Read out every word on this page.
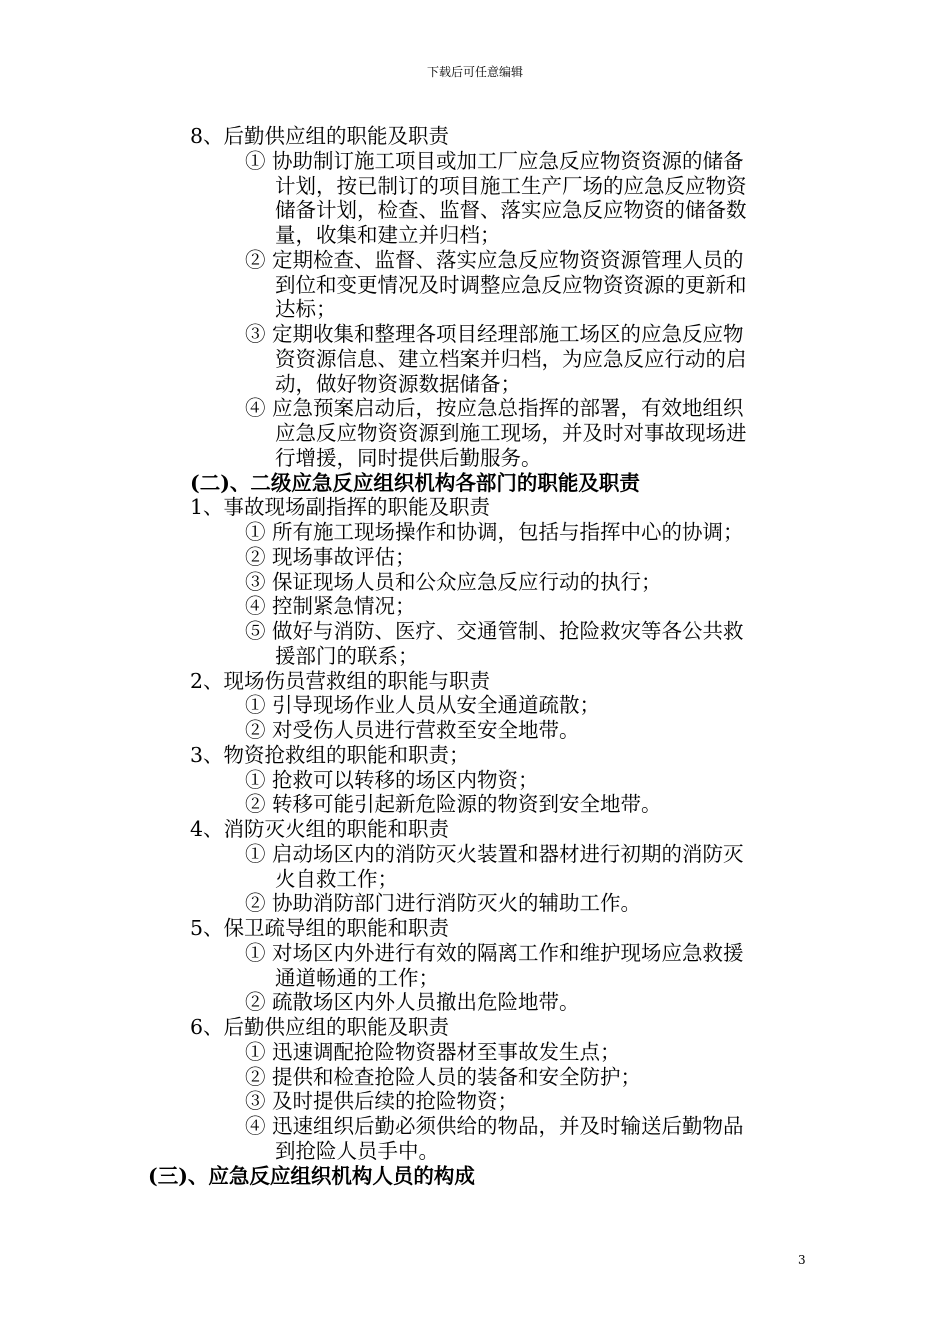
下载后可任意编辑
8、后勤供应组的职能及职责
① 协助制订施工项目或加工厂应急反应物资资源的储备
计划，按已制订的项目施工生产厂场的应急反应物资
储备计划，检查、监督、落实应急反应物资的储备数
量，收集和建立并归档；
② 定期检查、监督、落实应急反应物资资源管理人员的
到位和变更情况及时调整应急反应物资资源的更新和
达标；
③ 定期收集和整理各项目经理部施工场区的应急反应物
资资源信息、建立档案并归档，为应急反应行动的启
动，做好物资源数据储备；
④ 应急预案启动后，按应急总指挥的部署，有效地组织
应急反应物资资源到施工现场，并及时对事故现场进
行增援，同时提供后勤服务。
(二)、二级应急反应组织机构各部门的职能及职责
1、事故现场副指挥的职能及职责
① 所有施工现场操作和协调，包括与指挥中心的协调；
② 现场事故评估；
③ 保证现场人员和公众应急反应行动的执行；
④ 控制紧急情况；
⑤ 做好与消防、医疗、交通管制、抢险救灾等各公共救
援部门的联系；
2、现场伤员营救组的职能与职责
① 引导现场作业人员从安全通道疏散；
② 对受伤人员进行营救至安全地带。
3、物资抢救组的职能和职责；
① 抢救可以转移的场区内物资；
② 转移可能引起新危险源的物资到安全地带。
4、消防灭火组的职能和职责
① 启动场区内的消防灭火装置和器材进行初期的消防灭
火自救工作；
② 协助消防部门进行消防灭火的辅助工作。
5、保卫疏导组的职能和职责
① 对场区内外进行有效的隔离工作和维护现场应急救援
通道畅通的工作；
② 疏散场区内外人员撤出危险地带。
6、后勤供应组的职能及职责
① 迅速调配抢险物资器材至事故发生点；
② 提供和检查抢险人员的装备和安全防护；
③ 及时提供后续的抢险物资；
④ 迅速组织后勤必须供给的物品，并及时输送后勤物品
到抢险人员手中。
(三)、应急反应组织机构人员的构成
3
